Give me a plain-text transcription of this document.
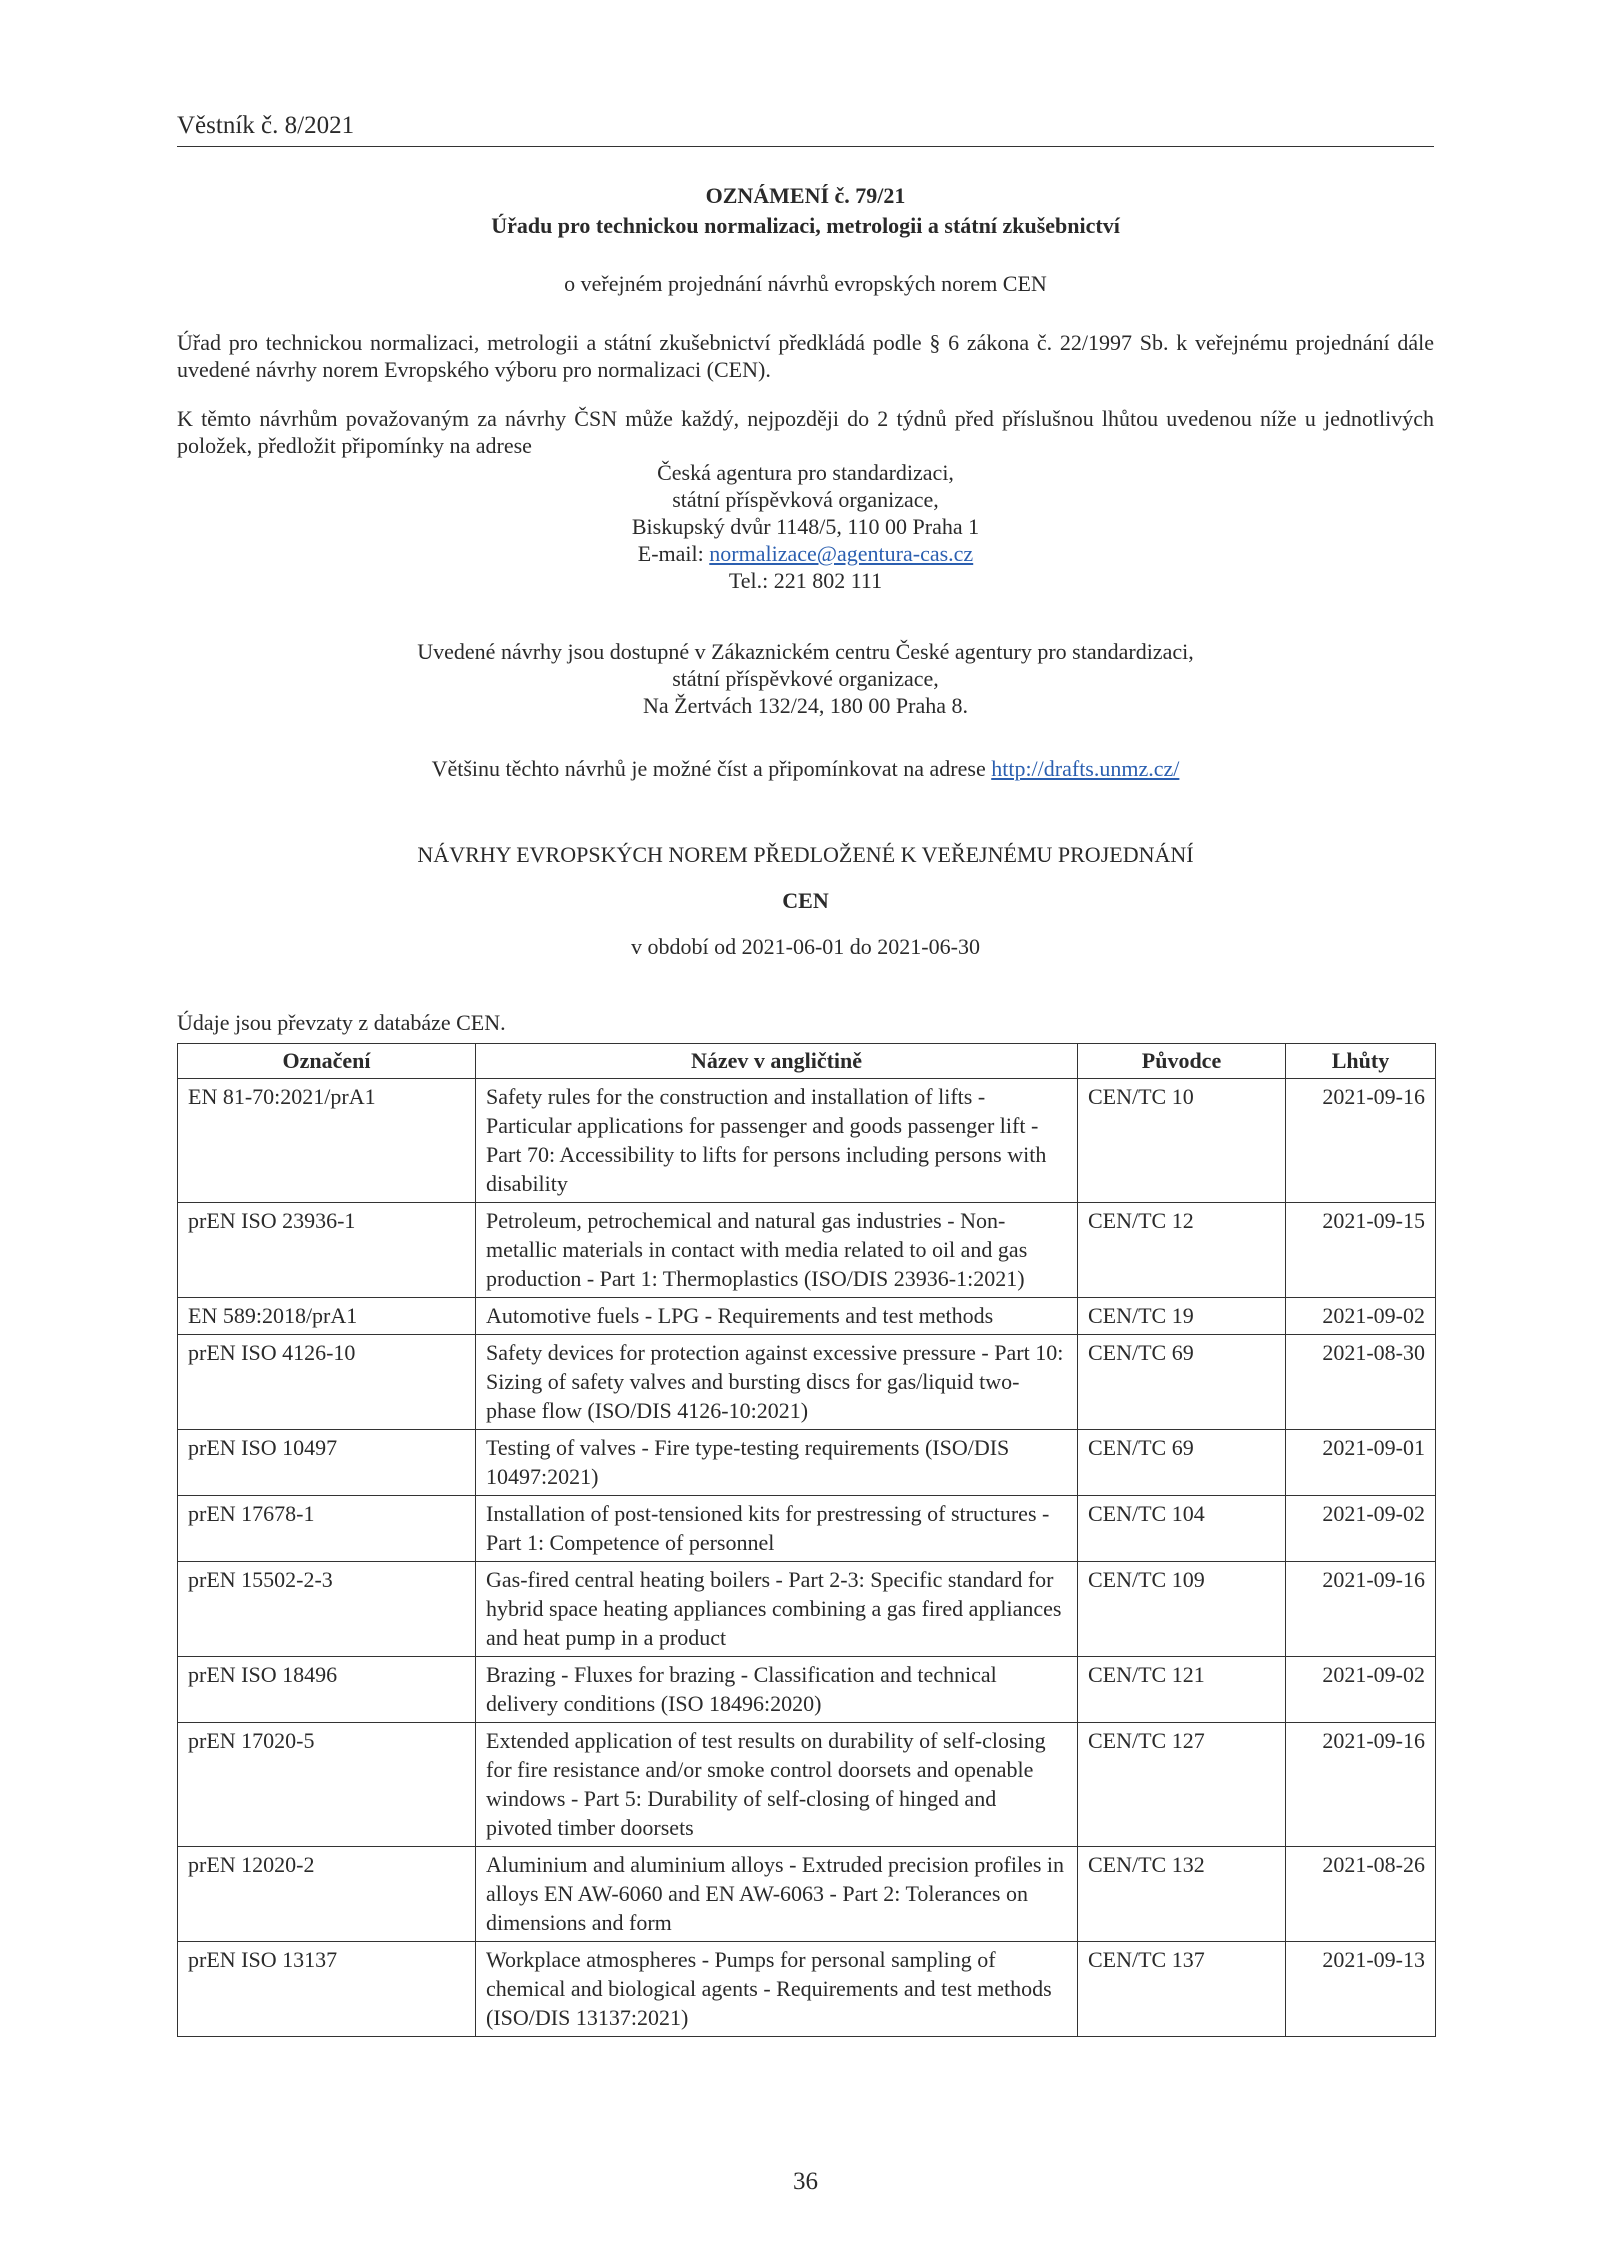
Věstník č. 8/2021
OZNÁMENÍ č. 79/21
Úřadu pro technickou normalizaci, metrologii a státní zkušebnictví
o veřejném projednání návrhů evropských norem CEN
Úřad pro technickou normalizaci, metrologii a státní zkušebnictví předkládá podle § 6 zákona č. 22/1997 Sb. k veřejnému projednání dále uvedené návrhy norem Evropského výboru pro normalizaci (CEN).
K těmto návrhům považovaným za návrhy ČSN může každý, nejpozději do 2 týdnů před příslušnou lhůtou uvedenou níže u jednotlivých položek, předložit připomínky na adrese
Česká agentura pro standardizaci,
státní příspěvková organizace,
Biskupský dvůr 1148/5, 110 00 Praha 1
E-mail: normalizace@agentura-cas.cz
Tel.: 221 802 111
Uvedené návrhy jsou dostupné v Zákaznickém centru České agentury pro standardizaci,
státní příspěvkové organizace,
Na Žertvách 132/24, 180 00 Praha 8.
Většinu těchto návrhů je možné číst a připomínkovat na adrese http://drafts.unmz.cz/
NÁVRHY EVROPSKÝCH NOREM PŘEDLOŽENÉ K VEŘEJNÉMU PROJEDNÁNÍ
CEN
v období od 2021-06-01 do 2021-06-30
Údaje jsou převzaty z databáze CEN.
Označení	Název v angličtině	Původce	Lhůty
EN 81-70:2021/prA1	Safety rules for the construction and installation of lifts - Particular applications for passenger and goods passenger lift - Part 70: Accessibility to lifts for persons including persons with disability	CEN/TC 10	2021-09-16
prEN ISO 23936-1	Petroleum, petrochemical and natural gas industries - Non-metallic materials in contact with media related to oil and gas production - Part 1: Thermoplastics (ISO/DIS 23936-1:2021)	CEN/TC 12	2021-09-15
EN 589:2018/prA1	Automotive fuels - LPG - Requirements and test methods	CEN/TC 19	2021-09-02
prEN ISO 4126-10	Safety devices for protection against excessive pressure - Part 10: Sizing of safety valves and bursting discs for gas/liquid two-phase flow (ISO/DIS 4126-10:2021)	CEN/TC 69	2021-08-30
prEN ISO 10497	Testing of valves - Fire type-testing requirements (ISO/DIS 10497:2021)	CEN/TC 69	2021-09-01
prEN 17678-1	Installation of post-tensioned kits for prestressing of structures - Part 1: Competence of personnel	CEN/TC 104	2021-09-02
prEN 15502-2-3	Gas-fired central heating boilers - Part 2-3: Specific standard for hybrid space heating appliances combining a gas fired appliances and heat pump in a product	CEN/TC 109	2021-09-16
prEN ISO 18496	Brazing - Fluxes for brazing - Classification and technical delivery conditions (ISO 18496:2020)	CEN/TC 121	2021-09-02
prEN 17020-5	Extended application of test results on durability of self-closing for fire resistance and/or smoke control doorsets and openable windows - Part 5: Durability of self-closing of hinged and pivoted timber doorsets	CEN/TC 127	2021-09-16
prEN 12020-2	Aluminium and aluminium alloys - Extruded precision profiles in alloys EN AW-6060 and EN AW-6063 - Part 2: Tolerances on dimensions and form	CEN/TC 132	2021-08-26
prEN ISO 13137	Workplace atmospheres - Pumps for personal sampling of chemical and biological agents - Requirements and test methods (ISO/DIS 13137:2021)	CEN/TC 137	2021-09-13
36
